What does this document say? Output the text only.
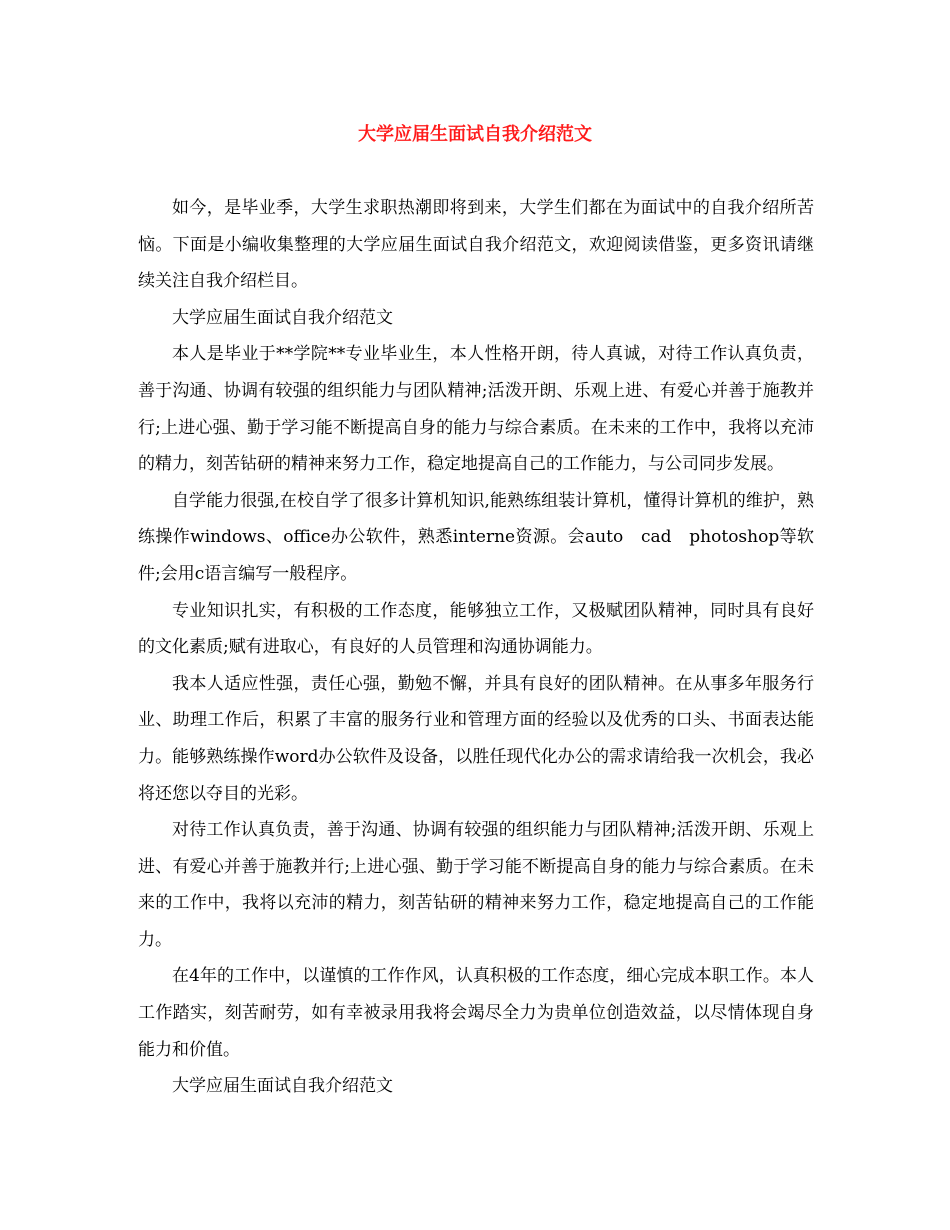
大学应届生面试自我介绍范文

如今，是毕业季，大学生求职热潮即将到来，大学生们都在为面试中的自我介绍所苦恼。下面是小编收集整理的大学应届生面试自我介绍范文，欢迎阅读借鉴，更多资讯请继续关注自我介绍栏目。

大学应届生面试自我介绍范文

本人是毕业于**学院**专业毕业生，本人性格开朗，待人真诚，对待工作认真负责，善于沟通、协调有较强的组织能力与团队精神;活泼开朗、乐观上进、有爱心并善于施教并行;上进心强、勤于学习能不断提高自身的能力与综合素质。在未来的工作中，我将以充沛的精力，刻苦钻研的精神来努力工作，稳定地提高自己的工作能力，与公司同步发展。

自学能力很强,在校自学了很多计算机知识,能熟练组装计算机，懂得计算机的维护，熟练操作windows、office办公软件，熟悉interne资源。会auto　cad　photoshop等软件;会用c语言编写一般程序。

专业知识扎实，有积极的工作态度，能够独立工作，又极赋团队精神，同时具有良好的文化素质;赋有进取心，有良好的人员管理和沟通协调能力。

我本人适应性强，责任心强，勤勉不懈，并具有良好的团队精神。在从事多年服务行业、助理工作后，积累了丰富的服务行业和管理方面的经验以及优秀的口头、书面表达能力。能够熟练操作word办公软件及设备，以胜任现代化办公的需求请给我一次机会，我必将还您以夺目的光彩。

对待工作认真负责，善于沟通、协调有较强的组织能力与团队精神;活泼开朗、乐观上进、有爱心并善于施教并行;上进心强、勤于学习能不断提高自身的能力与综合素质。在未来的工作中，我将以充沛的精力，刻苦钻研的精神来努力工作，稳定地提高自己的工作能力。

在4年的工作中，以谨慎的工作作风，认真积极的工作态度，细心完成本职工作。本人工作踏实，刻苦耐劳，如有幸被录用我将会竭尽全力为贵单位创造效益，以尽情体现自身能力和价值。

大学应届生面试自我介绍范文
